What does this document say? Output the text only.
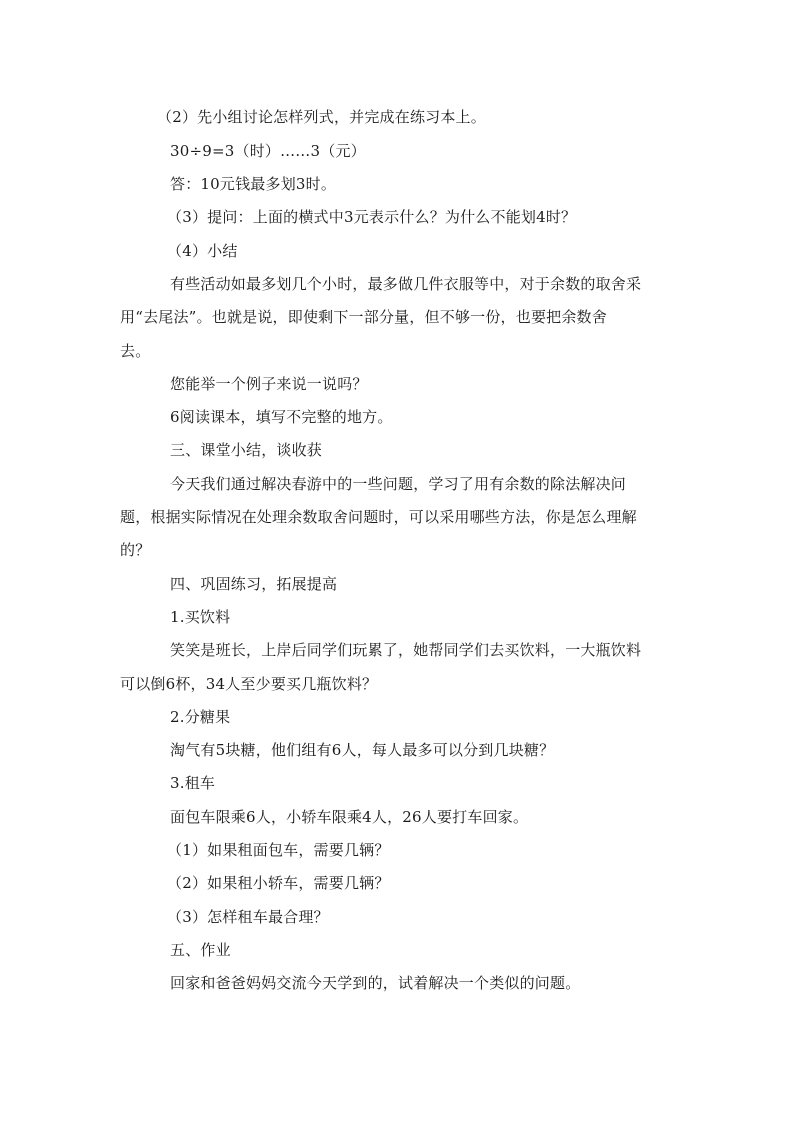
（2）先小组讨论怎样列式，并完成在练习本上。
30÷9=3（时）……3（元）
答：10元钱最多划3时。
（3）提问：上面的横式中3元表示什么？为什么不能划4时？
（4）小结
有些活动如最多划几个小时，最多做几件衣服等中，对于余数的取舍采
用“去尾法”。也就是说，即使剩下一部分量，但不够一份，也要把余数舍
去。
您能举一个例子来说一说吗？
6阅读课本，填写不完整的地方。
三、课堂小结，谈收获
今天我们通过解决春游中的一些问题，学习了用有余数的除法解决问
题，根据实际情况在处理余数取舍问题时，可以采用哪些方法，你是怎么理解
的？
四、巩固练习，拓展提高
1.买饮料
笑笑是班长，上岸后同学们玩累了，她帮同学们去买饮料，一大瓶饮料
可以倒6杯，34人至少要买几瓶饮料？
2.分糖果
淘气有5块糖，他们组有6人，每人最多可以分到几块糖？
3.租车
面包车限乘6人，小轿车限乘4人，26人要打车回家。
（1）如果租面包车，需要几辆？
（2）如果租小轿车，需要几辆？
（3）怎样租车最合理？
五、作业
回家和爸爸妈妈交流今天学到的，试着解决一个类似的问题。
